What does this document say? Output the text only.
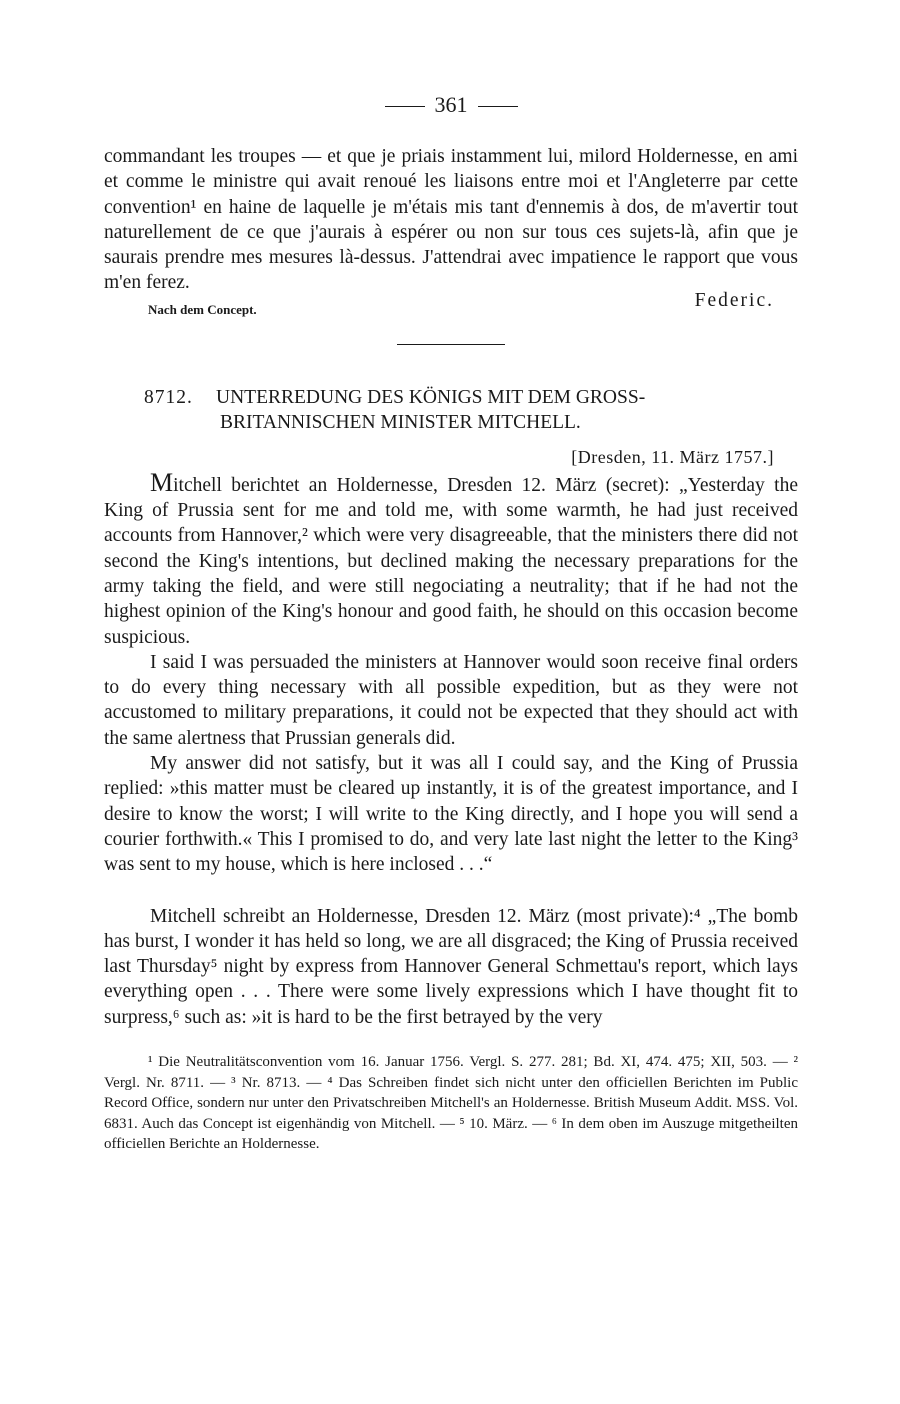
361

commandant les troupes — et que je priais instamment lui, milord Holdernesse, en ami et comme le ministre qui avait renoué les liaisons entre moi et l'Angleterre par cette convention¹ en haine de laquelle je m'étais mis tant d'ennemis à dos, de m'avertir tout naturellement de ce que j'aurais à espérer ou non sur tous ces sujets-là, afin que je saurais prendre mes mesures là-dessus. J'attendrai avec impatience le rapport que vous m'en ferez.

Nach dem Concept.	Federic.
8712. UNTERREDUNG DES KÖNIGS MIT DEM GROSS-
BRITANNISCHEN MINISTER MITCHELL.
[Dresden, 11. März 1757.]

Mitchell berichtet an Holdernesse, Dresden 12. März (secret): „Yesterday the King of Prussia sent for me and told me, with some warmth, he had just received accounts from Hannover,² which were very disagreeable, that the ministers there did not second the King's intentions, but declined making the necessary preparations for the army taking the field, and were still negociating a neutrality; that if he had not the highest opinion of the King's honour and good faith, he should on this occasion become suspicious.

I said I was persuaded the ministers at Hannover would soon receive final orders to do every thing necessary with all possible expedition, but as they were not accustomed to military preparations, it could not be expected that they should act with the same alertness that Prussian generals did.

My answer did not satisfy, but it was all I could say, and the King of Prussia replied: »this matter must be cleared up instantly, it is of the greatest importance, and I desire to know the worst; I will write to the King directly, and I hope you will send a courier forthwith.« This I promised to do, and very late last night the letter to the King³ was sent to my house, which is here inclosed . . .“

Mitchell schreibt an Holdernesse, Dresden 12. März (most private):⁴ „The bomb has burst, I wonder it has held so long, we are all disgraced; the King of Prussia received last Thursday⁵ night by express from Hannover General Schmettau's report, which lays everything open . . . There were some lively expressions which I have thought fit to surpress,⁶ such as: »it is hard to be the first betrayed by the very

¹ Die Neutralitätsconvention vom 16. Januar 1756. Vergl. S. 277. 281; Bd. XI, 474. 475; XII, 503. — ² Vergl. Nr. 8711. — ³ Nr. 8713. — ⁴ Das Schreiben findet sich nicht unter den officiellen Berichten im Public Record Office, sondern nur unter den Privatschreiben Mitchell's an Holdernesse. British Museum Addit. MSS. Vol. 6831. Auch das Concept ist eigenhändig von Mitchell. — ⁵ 10. März. — ⁶ In dem oben im Auszuge mitgetheilten officiellen Berichte an Holdernesse.
